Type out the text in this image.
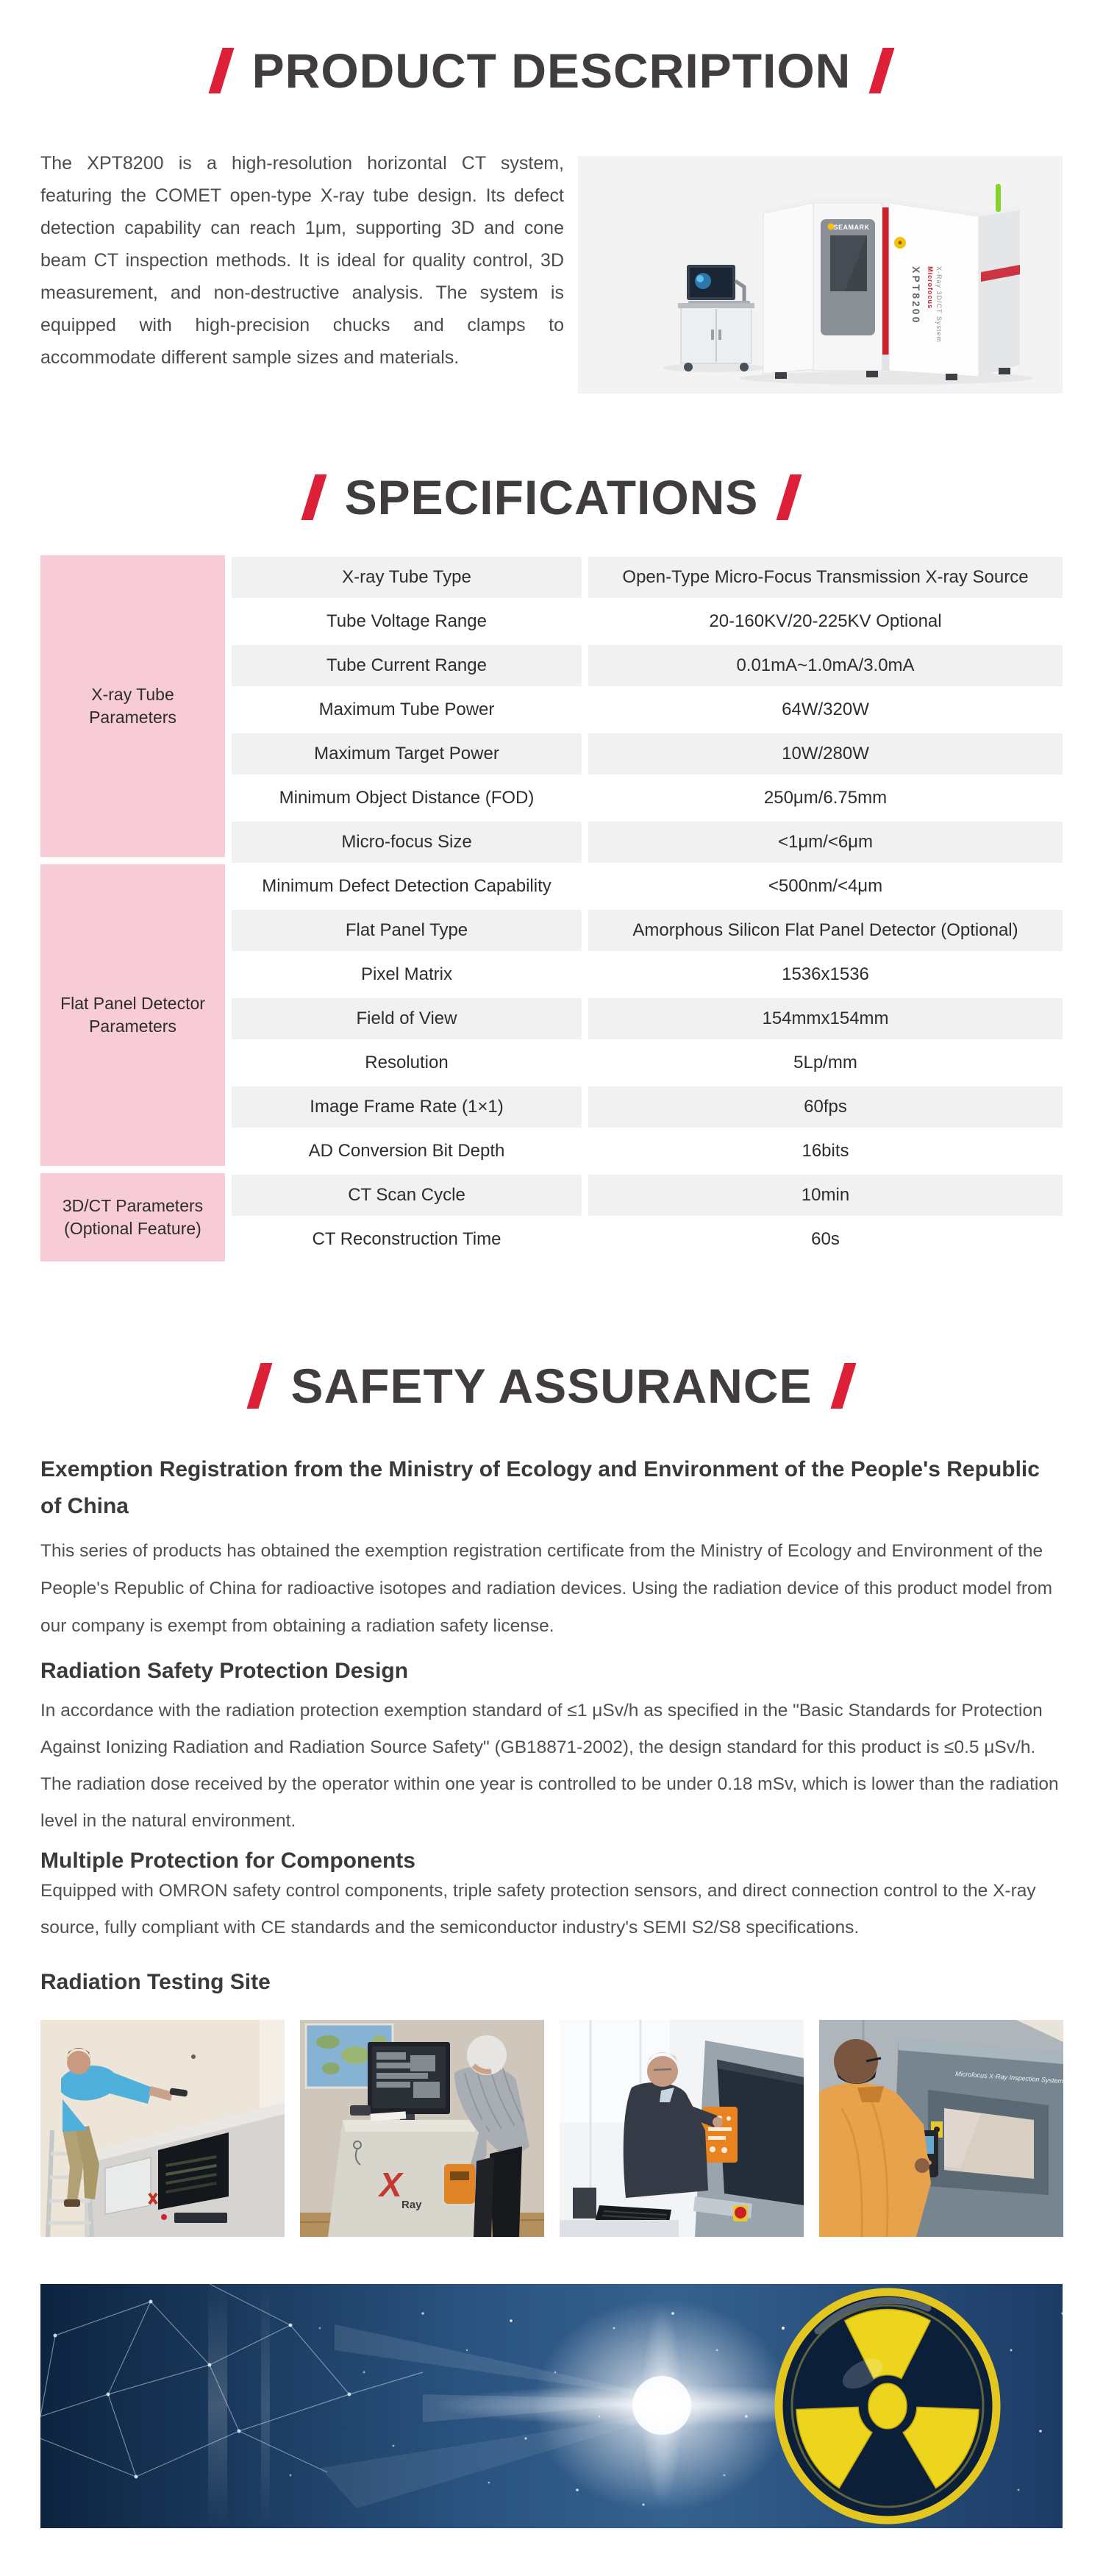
PRODUCT DESCRIPTION

The XPT8200 is a high-resolution horizontal CT system, featuring the COMET open-type X-ray tube design. Its defect detection capability can reach 1μm, supporting 3D and cone beam CT inspection methods. It is ideal for quality control, 3D measurement, and non-destructive analysis. The system is equipped with high-precision chucks and clamps to accommodate different sample sizes and materials.

SEAMARK
XPT8200 Microfocus X-Ray 3D/CT System
SPECIFICATIONS
X-ray Tube Parameters
X-ray Tube Type	Open-Type Micro-Focus Transmission X-ray Source
Tube Voltage Range	20-160KV/20-225KV Optional
Tube Current Range	0.01mA~1.0mA/3.0mA
Maximum Tube Power	64W/320W
Maximum Target Power	10W/280W
Minimum Object Distance (FOD)	250μm/6.75mm
Micro-focus Size	<1μm/<6μm
Flat Panel Detector Parameters
Minimum Defect Detection Capability	<500nm/<4μm
Flat Panel Type	Amorphous Silicon Flat Panel Detector (Optional)
Pixel Matrix	1536x1536
Field of View	154mmx154mm
Resolution	5Lp/mm
Image Frame Rate (1×1)	60fps
AD Conversion Bit Depth	16bits
3D/CT Parameters (Optional Feature)
CT Scan Cycle	10min
CT Reconstruction Time	60s
SAFETY ASSURANCE
Exemption Registration from the Ministry of Ecology and Environment of the People's Republic of China

This series of products has obtained the exemption registration certificate from the Ministry of Ecology and Environment of the People's Republic of China for radioactive isotopes and radiation devices. Using the radiation device of this product model from our company is exempt from obtaining a radiation safety license.

Radiation Safety Protection Design

In accordance with the radiation protection exemption standard of ≤1 μSv/h as specified in the "Basic Standards for Protection Against Ionizing Radiation and Radiation Source Safety" (GB18871-2002), the design standard for this product is ≤0.5 μSv/h. The radiation dose received by the operator within one year is controlled to be under 0.18 mSv, which is lower than the radiation level in the natural environment.

Multiple Protection for Components

Equipped with OMRON safety control components, triple safety protection sensors, and direct connection control to the X-ray source, fully compliant with CE standards and the semiconductor industry's SEMI S2/S8 specifications.

Radiation Testing Site
X
Ray
Microfocus X-Ray Inspection System
